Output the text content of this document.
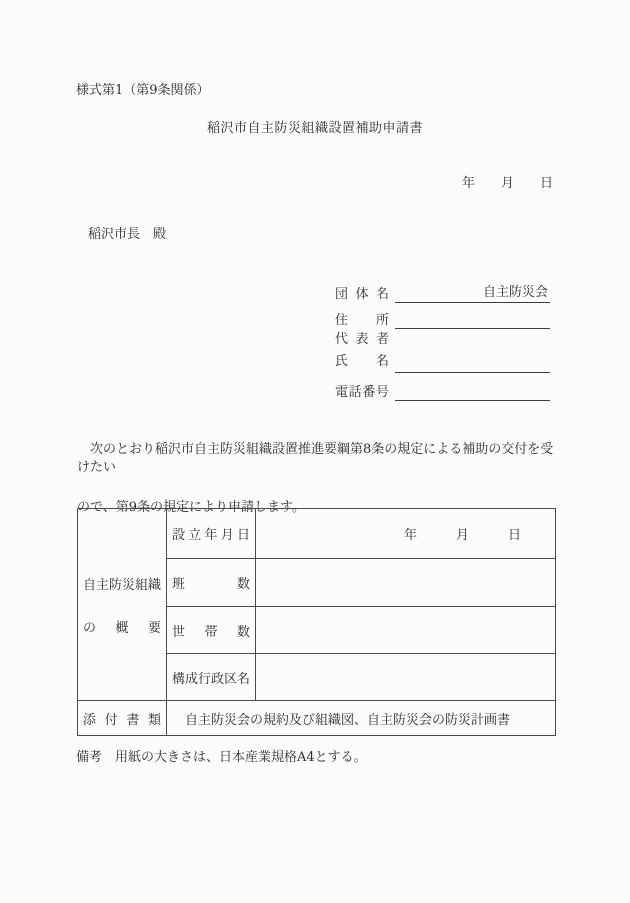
様式第1（第9条関係）
稲沢市自主防災組織設置補助申請書
年　　月　　日
稲沢市長　殿
団体名	自主防災会
住所
代表者 氏名
電話番号
次のとおり稲沢市自主防災組織設置推進要綱第8条の規定による補助の交付を受けたい
ので、第9条の規定により申請します。
自主防災組織
の概要	設立年月日	年　　　月　　　日
	班数	
	世帯数	
	構成行政区名	
添付書類	自主防災会の規約及び組織図、自主防災会の防災計画書	
備考　用紙の大きさは、日本産業規格A4とする。
